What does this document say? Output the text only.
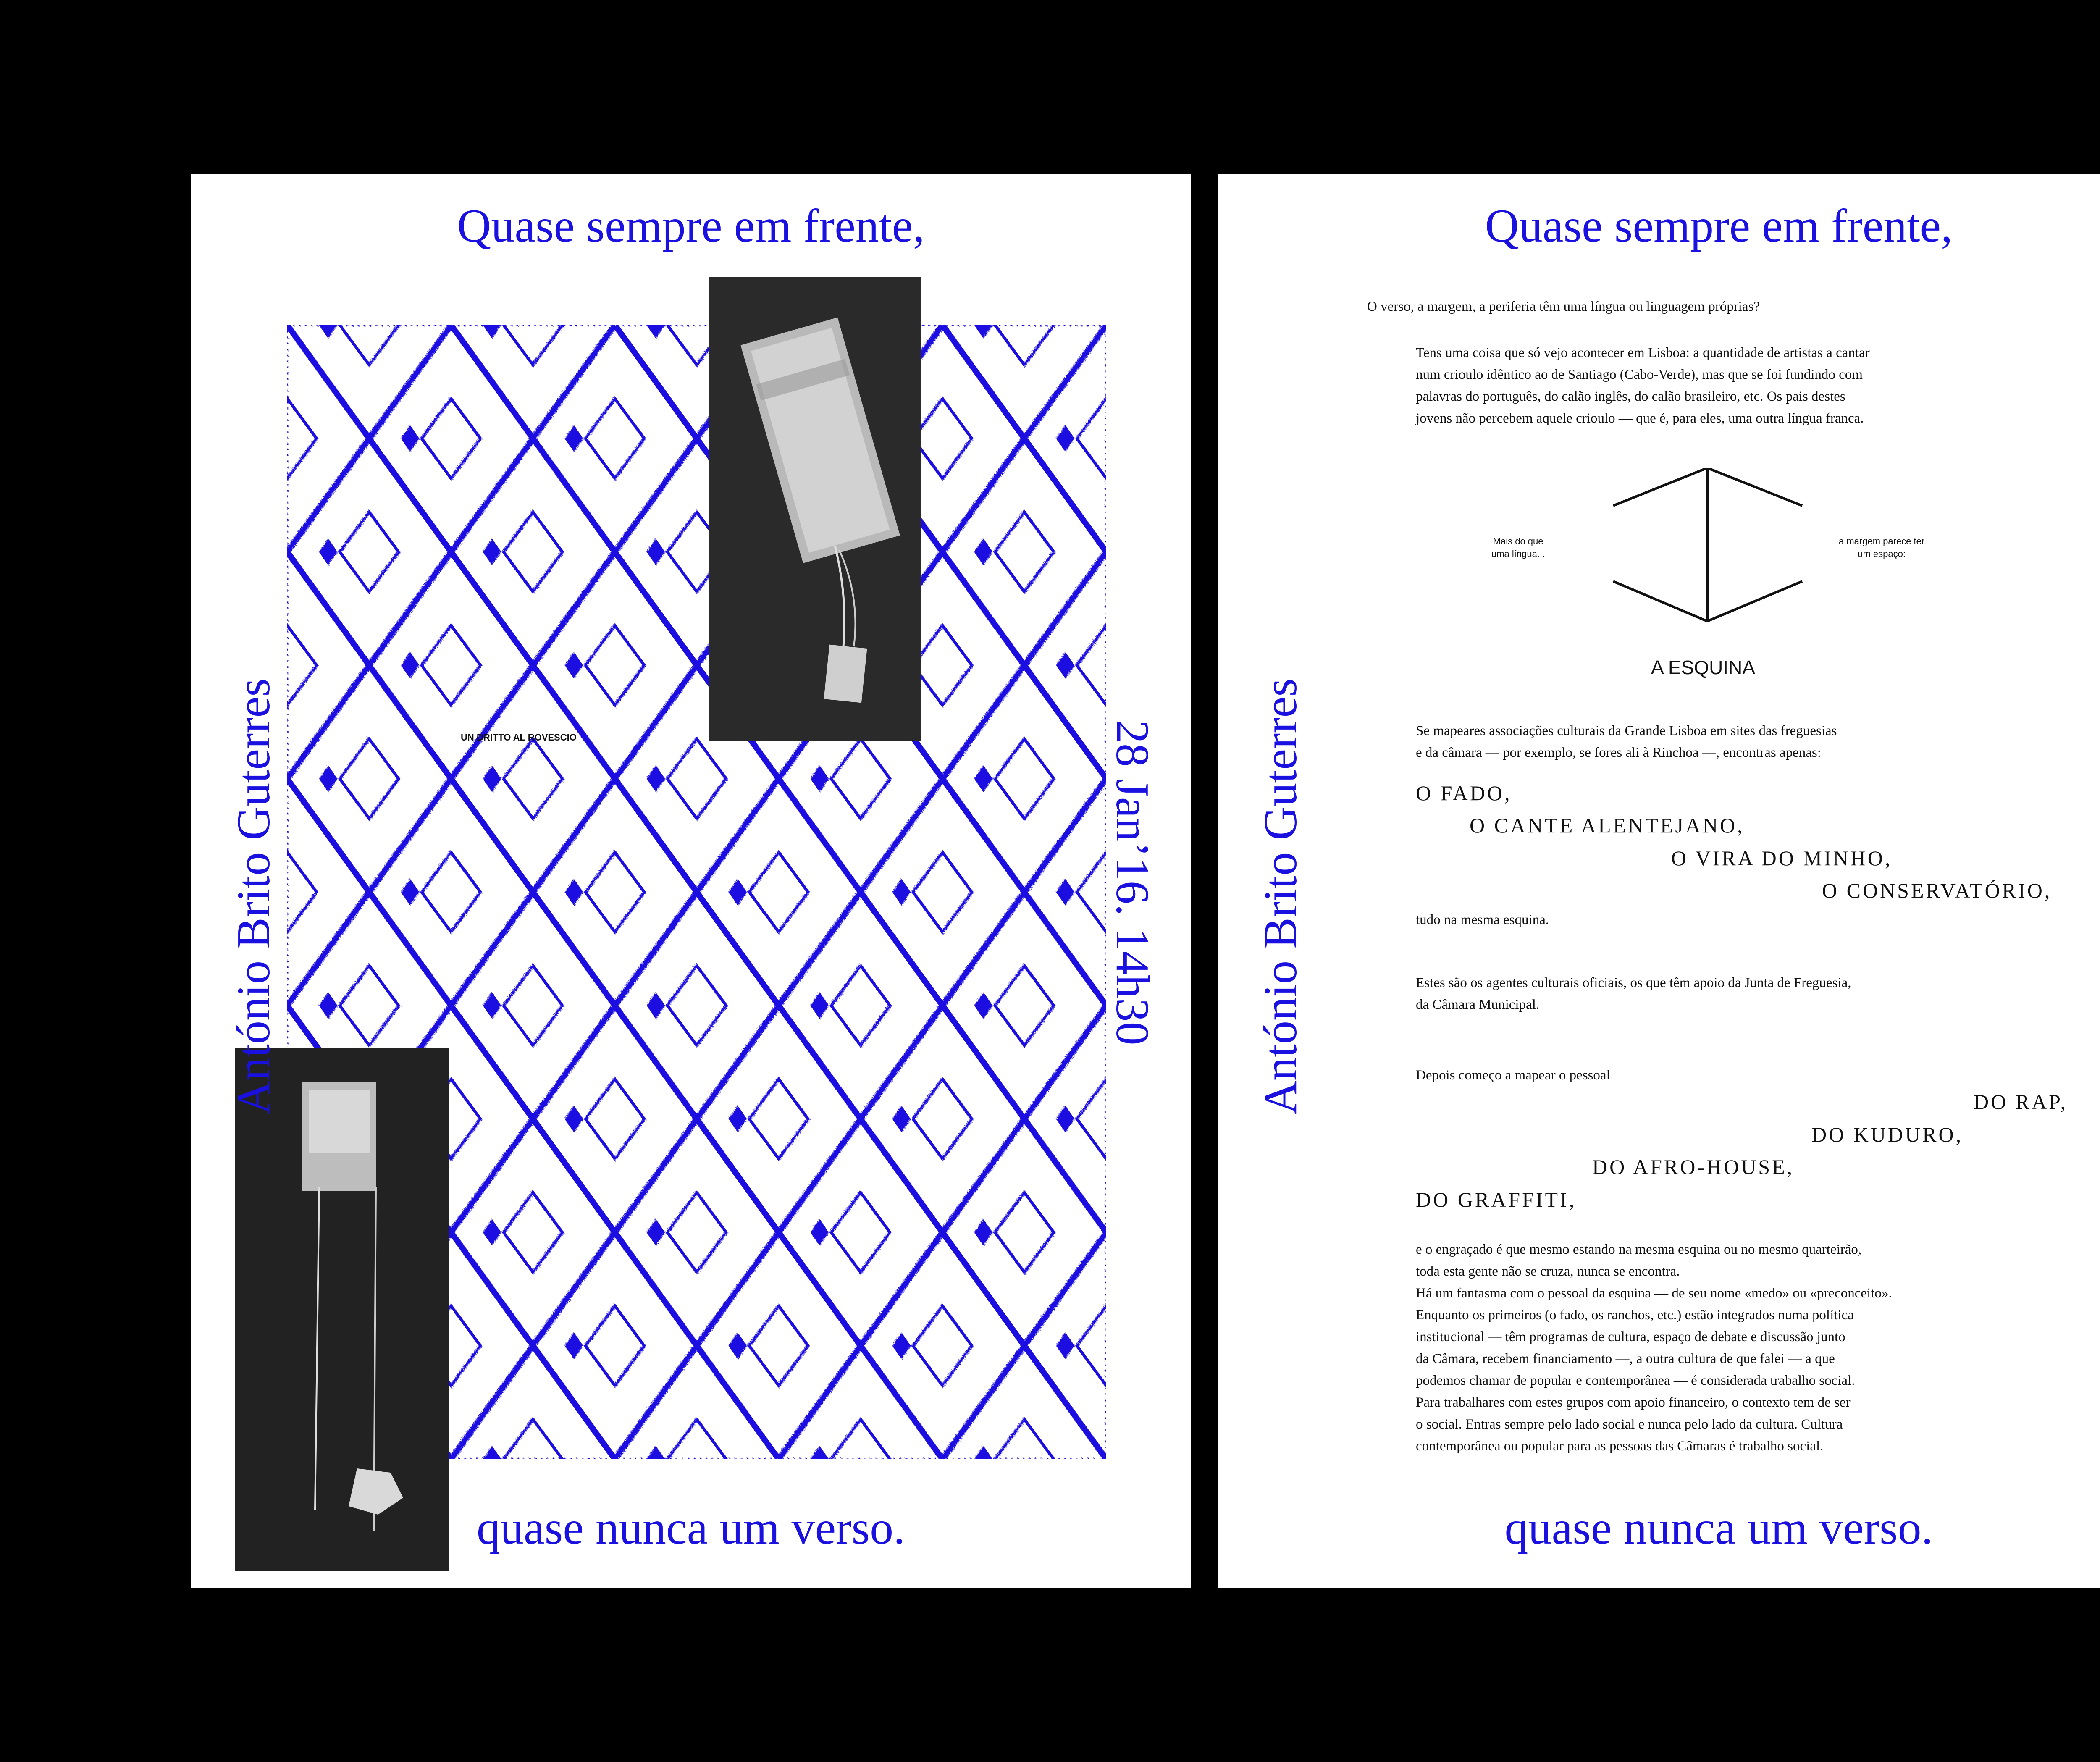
Quase sempre em frente,
UN DRITTO AL ROVESCIO
António Brito Guterres	28 Jan’16. 14h30
quase nunca um verso.
Quase sempre em frente,
O verso, a margem, a periferia têm uma língua ou linguagem próprias?
Tens uma coisa que só vejo acontecer em Lisboa: a quantidade de artistas a cantar
num crioulo idêntico ao de Santiago (Cabo-Verde), mas que se foi fundindo com
palavras do português, do calão inglês, do calão brasileiro, etc. Os pais destes
jovens não percebem aquele crioulo — que é, para eles, uma outra língua franca.
Mais do que
uma língua...
a margem parece ter
um espaço:
A ESQUINA
Se mapeares associações culturais da Grande Lisboa em sites das freguesias
e da câmara — por exemplo, se fores ali à Rinchoa —, encontras apenas:
O FADO,
O CANTE ALENTEJANO,
O VIRA DO MINHO,
O CONSERVATÓRIO,
tudo na mesma esquina.
Estes são os agentes culturais oficiais, os que têm apoio da Junta de Freguesia,
da Câmara Municipal.
Depois começo a mapear o pessoal
DO RAP,
DO KUDURO,
DO AFRO-HOUSE,
DO GRAFFITI,
e o engraçado é que mesmo estando na mesma esquina ou no mesmo quarteirão,
toda esta gente não se cruza, nunca se encontra.
Há um fantasma com o pessoal da esquina — de seu nome «medo» ou «preconceito».
Enquanto os primeiros (o fado, os ranchos, etc.) estão integrados numa política
institucional — têm programas de cultura, espaço de debate e discussão junto
da Câmara, recebem financiamento —, a outra cultura de que falei — a que
podemos chamar de popular e contemporânea — é considerada trabalho social.
Para trabalhares com estes grupos com apoio financeiro, o contexto tem de ser
o social. Entras sempre pelo lado social e nunca pelo lado da cultura. Cultura
contemporânea ou popular para as pessoas das Câmaras é trabalho social.
António Brito Guterres
quase nunca um verso.
